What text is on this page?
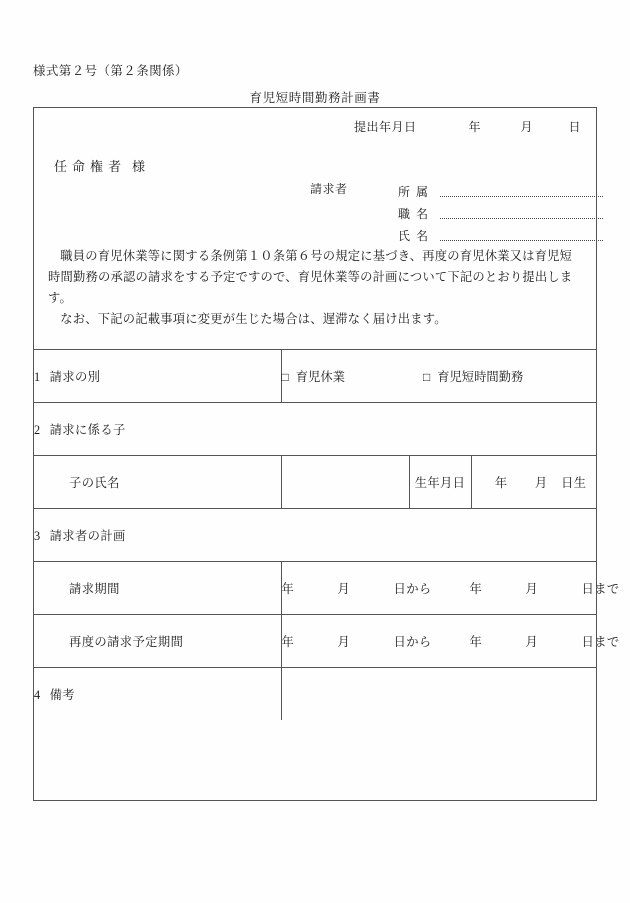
様式第２号（第２条関係）
育児短時間勤務計画書
提出年月日	年	月	日
任命権者 様
請求者	所属
職名
氏名

職員の育児休業等に関する条例第１０条第６号の規定に基づき、再度の育児休業又は育児短時間勤務の承認の請求をする予定ですので、育児休業等の計画について下記のとおり提出します。

なお、下記の記載事項に変更が生じた場合は、遅滞なく届け出ます。

1 請求の別	□ 育児休業 □ 育児短時間勤務		
2 請求に係る子			
子の氏名		生年月日	年 月 日生
3 請求者の計画			
請求期間	年 月 日から 年 月 日まで		
再度の請求予定期間	年 月 日から 年 月 日まで		
4 備考			
